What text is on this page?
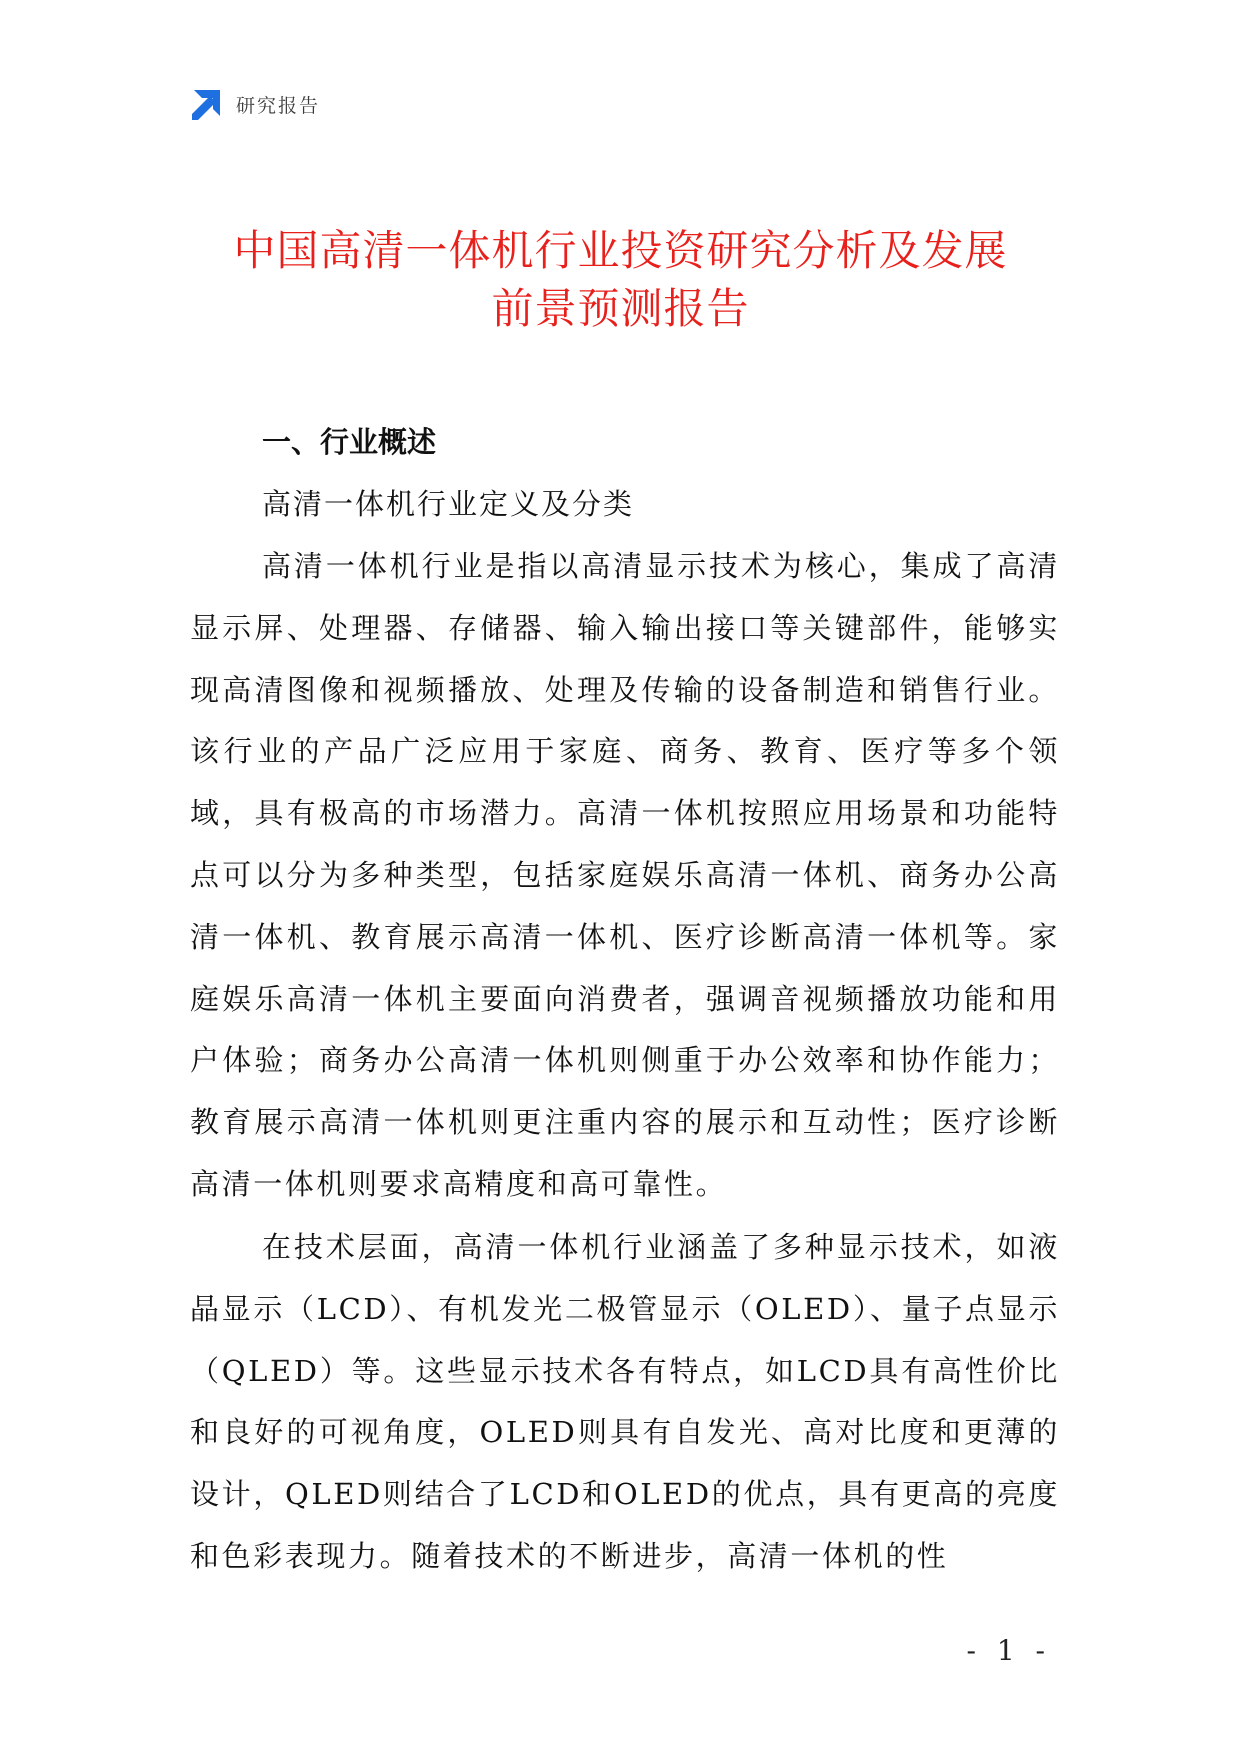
研究报告
中国高清一体机行业投资研究分析及发展
前景预测报告
一、行业概述
高清一体机行业定义及分类

高清一体机行业是指以高清显示技术为核心，集成了高清显示屏、处理器、存储器、输入输出接口等关键部件，能够实现高清图像和视频播放、处理及传输的设备制造和销售行业。该行业的产品广泛应用于家庭、商务、教育、医疗等多个领域，具有极高的市场潜力。高清一体机按照应用场景和功能特点可以分为多种类型，包括家庭娱乐高清一体机、商务办公高清一体机、教育展示高清一体机、医疗诊断高清一体机等。家庭娱乐高清一体机主要面向消费者，强调音视频播放功能和用户体验；商务办公高清一体机则侧重于办公效率和协作能力；教育展示高清一体机则更注重内容的展示和互动性；医疗诊断高清一体机则要求高精度和高可靠性。

在技术层面，高清一体机行业涵盖了多种显示技术，如液晶显示（LCD）、有机发光二极管显示（OLED）、量子点显示（QLED）等。这些显示技术各有特点，如LCD具有高性价比和良好的可视角度，OLED则具有自发光、高对比度和更薄的设计，QLED则结合了LCD和OLED的优点，具有更高的亮度和色彩表现力。随着技术的不断进步，高清一体机的性

- 1 -
